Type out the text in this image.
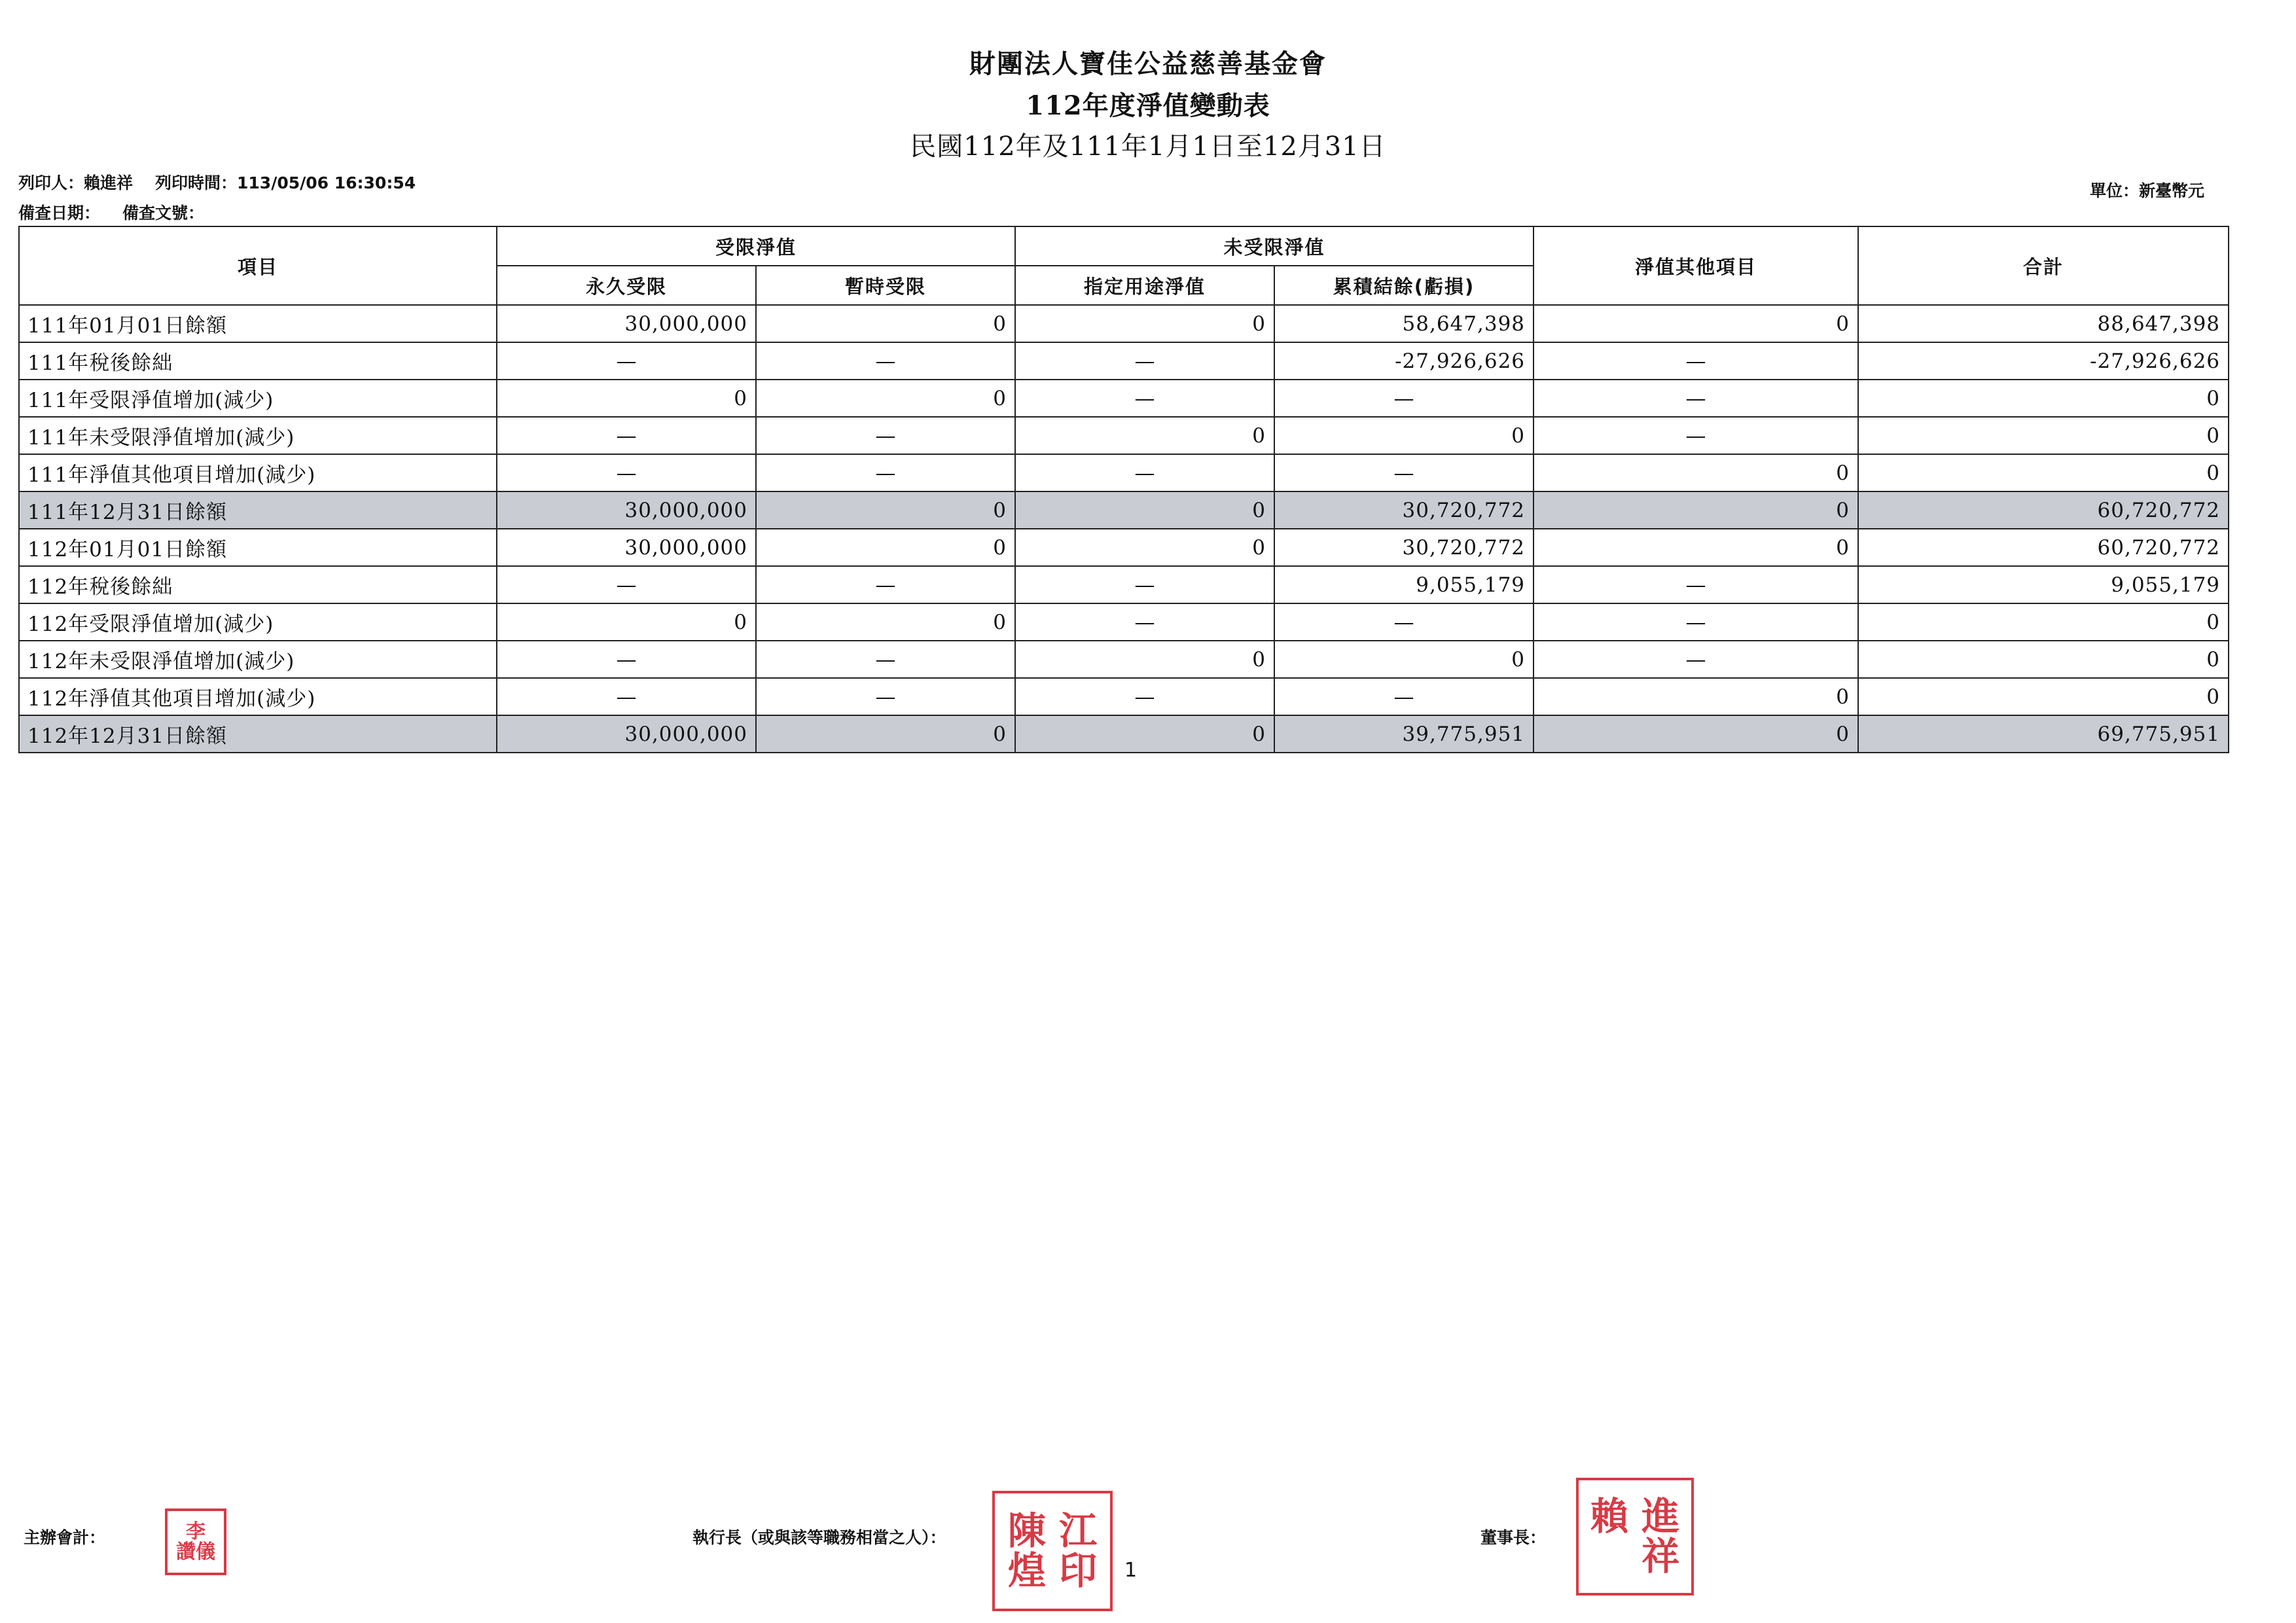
財團法人寶佳公益慈善基金會
112年度淨值變動表
民國112年及111年1月1日至12月31日
列印人：賴進祥 列印時間：113/05/06 16:30:54
備查日期： 備查文號：
單位：新臺幣元
項目	受限淨值		未受限淨值		淨值其他項目	合計
	永久受限	暫時受限	指定用途淨值	累積結餘(虧損)		
111年01月01日餘額	30,000,000	0	0	58,647,398	0	88,647,398
111年稅後餘絀	—	—	—	-27,926,626	—	-27,926,626
111年受限淨值增加(減少)	0	0	—	—	—	0
111年未受限淨值增加(減少)	—	—	0	0	—	0
111年淨值其他項目增加(減少)	—	—	—	—	0	0
111年12月31日餘額	30,000,000	0	0	30,720,772	0	60,720,772
112年01月01日餘額	30,000,000	0	0	30,720,772	0	60,720,772
112年稅後餘絀	—	—	—	9,055,179	—	9,055,179
112年受限淨值增加(減少)	0	0	—	—	—	0
112年未受限淨值增加(減少)	—	—	0	0	—	0
112年淨值其他項目增加(減少)	—	—	—	—	0	0
112年12月31日餘額	30,000,000	0	0	39,775,951	0	69,775,951
主辦會計：	李
讚儀
執行長（或與該等職務相當之人）：	陳 江
煌 印
董事長：	賴 進
　 祥
1
